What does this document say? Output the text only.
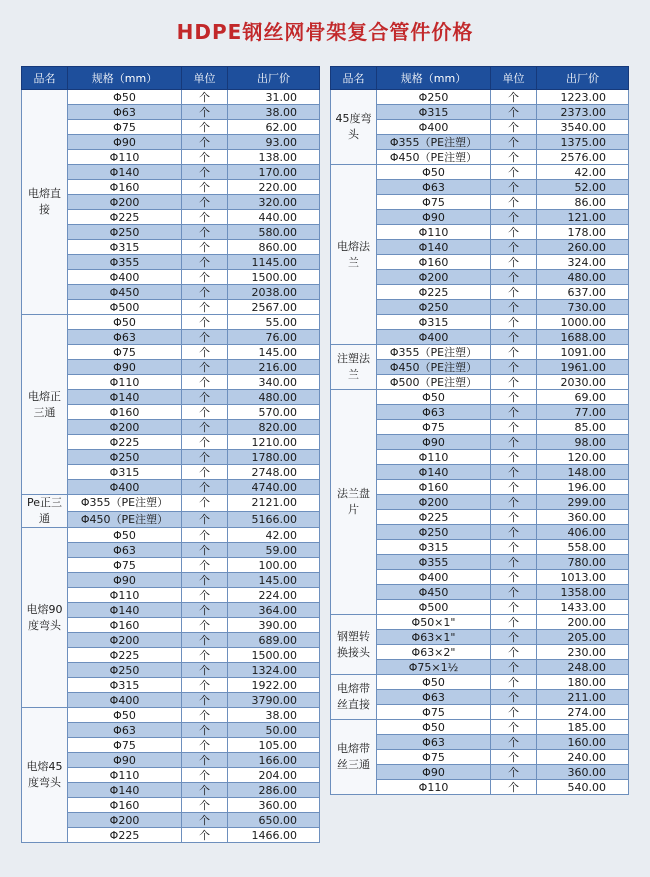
HDPE钢丝网骨架复合管件价格
品名	规格（mm）	单位	出厂价
电熔直接	Φ50	个	31.00
	Φ63	个	38.00
	Φ75	个	62.00
	Φ90	个	93.00
	Φ110	个	138.00
	Φ140	个	170.00
	Φ160	个	220.00
	Φ200	个	320.00
	Φ225	个	440.00
	Φ250	个	580.00
	Φ315	个	860.00
	Φ355	个	1145.00
	Φ400	个	1500.00
	Φ450	个	2038.00
	Φ500	个	2567.00
电熔正三通	Φ50	个	55.00
	Φ63	个	76.00
	Φ75	个	145.00
	Φ90	个	216.00
	Φ110	个	340.00
	Φ140	个	480.00
	Φ160	个	570.00
	Φ200	个	820.00
	Φ225	个	1210.00
	Φ250	个	1780.00
	Φ315	个	2748.00
	Φ400	个	4740.00
Pe正三通	Φ355（PE注塑）	个	2121.00
	Φ450（PE注塑）	个	5166.00
电熔90度弯头	Φ50	个	42.00
	Φ63	个	59.00
	Φ75	个	100.00
	Φ90	个	145.00
	Φ110	个	224.00
	Φ140	个	364.00
	Φ160	个	390.00
	Φ200	个	689.00
	Φ225	个	1500.00
	Φ250	个	1324.00
	Φ315	个	1922.00
	Φ400	个	3790.00
电熔45度弯头	Φ50	个	38.00
	Φ63	个	50.00
	Φ75	个	105.00
	Φ90	个	166.00
	Φ110	个	204.00
	Φ140	个	286.00
	Φ160	个	360.00
	Φ200	个	650.00
	Φ225	个	1466.00
品名	规格（mm）	单位	出厂价
45度弯头	Φ250	个	1223.00
	Φ315	个	2373.00
	Φ400	个	3540.00
	Φ355（PE注塑）	个	1375.00
	Φ450（PE注塑）	个	2576.00
电熔法兰	Φ50	个	42.00
	Φ63	个	52.00
	Φ75	个	86.00
	Φ90	个	121.00
	Φ110	个	178.00
	Φ140	个	260.00
	Φ160	个	324.00
	Φ200	个	480.00
	Φ225	个	637.00
	Φ250	个	730.00
	Φ315	个	1000.00
	Φ400	个	1688.00
注塑法兰	Φ355（PE注塑）	个	1091.00
	Φ450（PE注塑）	个	1961.00
	Φ500（PE注塑）	个	2030.00
法兰盘片	Φ50	个	69.00
	Φ63	个	77.00
	Φ75	个	85.00
	Φ90	个	98.00
	Φ110	个	120.00
	Φ140	个	148.00
	Φ160	个	196.00
	Φ200	个	299.00
	Φ225	个	360.00
	Φ250	个	406.00
	Φ315	个	558.00
	Φ355	个	780.00
	Φ400	个	1013.00
	Φ450	个	1358.00
	Φ500	个	1433.00
钢塑转换接头	Φ50×1"	个	200.00
	Φ63×1"	个	205.00
	Φ63×2"	个	230.00
	Φ75×1½	个	248.00
电熔带丝直接	Φ50	个	180.00
	Φ63	个	211.00
	Φ75	个	274.00
电熔带丝三通	Φ50	个	185.00
	Φ63	个	160.00
	Φ75	个	240.00
	Φ90	个	360.00
	Φ110	个	540.00
